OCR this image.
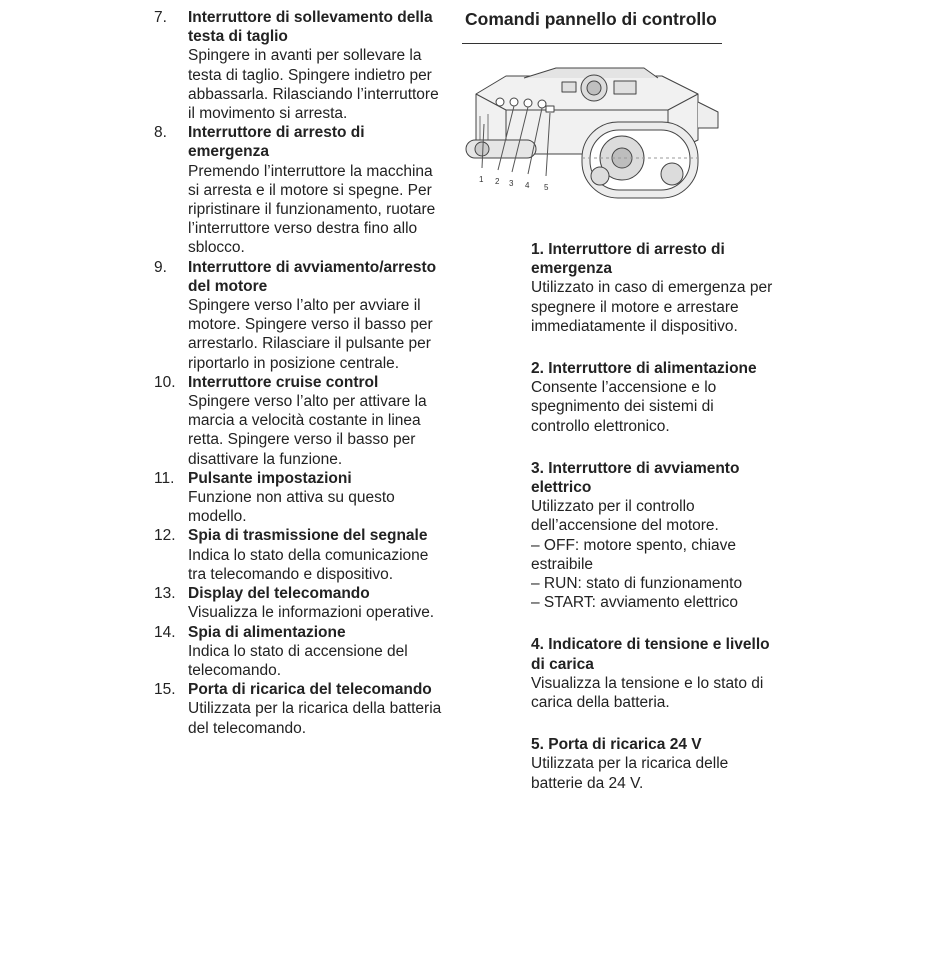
7. Interruttore di sollevamento della testa di taglio
Spingere in avanti per sollevare la testa di taglio. Spingere indietro per abbassarla. Rilasciando l’interruttore il movimento si arresta.
8. Interruttore di arresto di emergenza
Premendo l’interruttore la macchina si arresta e il motore si spegne. Per ripristinare il funzionamento, ruotare l’interruttore verso destra fino allo sblocco.
9. Interruttore di avviamento/arresto del motore
Spingere verso l’alto per avviare il motore. Spingere verso il basso per arrestarlo. Rilasciare il pulsante per riportarlo in posizione centrale.
10. Interruttore cruise control
Spingere verso l’alto per attivare la marcia a velocità costante in linea retta. Spingere verso il basso per disattivare la funzione.
11. Pulsante impostazioni
Funzione non attiva su questo modello.
12. Spia di trasmissione del segnale
Indica lo stato della comunicazione tra telecomando e dispositivo.
13. Display del telecomando
Visualizza le informazioni operative.
14. Spia di alimentazione
Indica lo stato di accensione del telecomando.
15. Porta di ricarica del telecomando
Utilizzata per la ricarica della batteria del telecomando.
Comandi pannello di controllo
1 2 3 4 5
1. Interruttore di arresto di emergenza
Utilizzato in caso di emergenza per spegnere il motore e arrestare immediatamente il dispositivo.
2. Interruttore di alimentazione
Consente l’accensione e lo spegnimento dei sistemi di controllo elettronico.
3. Interruttore di avviamento elettrico
Utilizzato per il controllo dell’accensione del motore.
– OFF: motore spento, chiave estraibile
– RUN: stato di funzionamento
– START: avviamento elettrico
4. Indicatore di tensione e livello di carica
Visualizza la tensione e lo stato di carica della batteria.
5. Porta di ricarica 24 V
Utilizzata per la ricarica delle batterie da 24 V.
